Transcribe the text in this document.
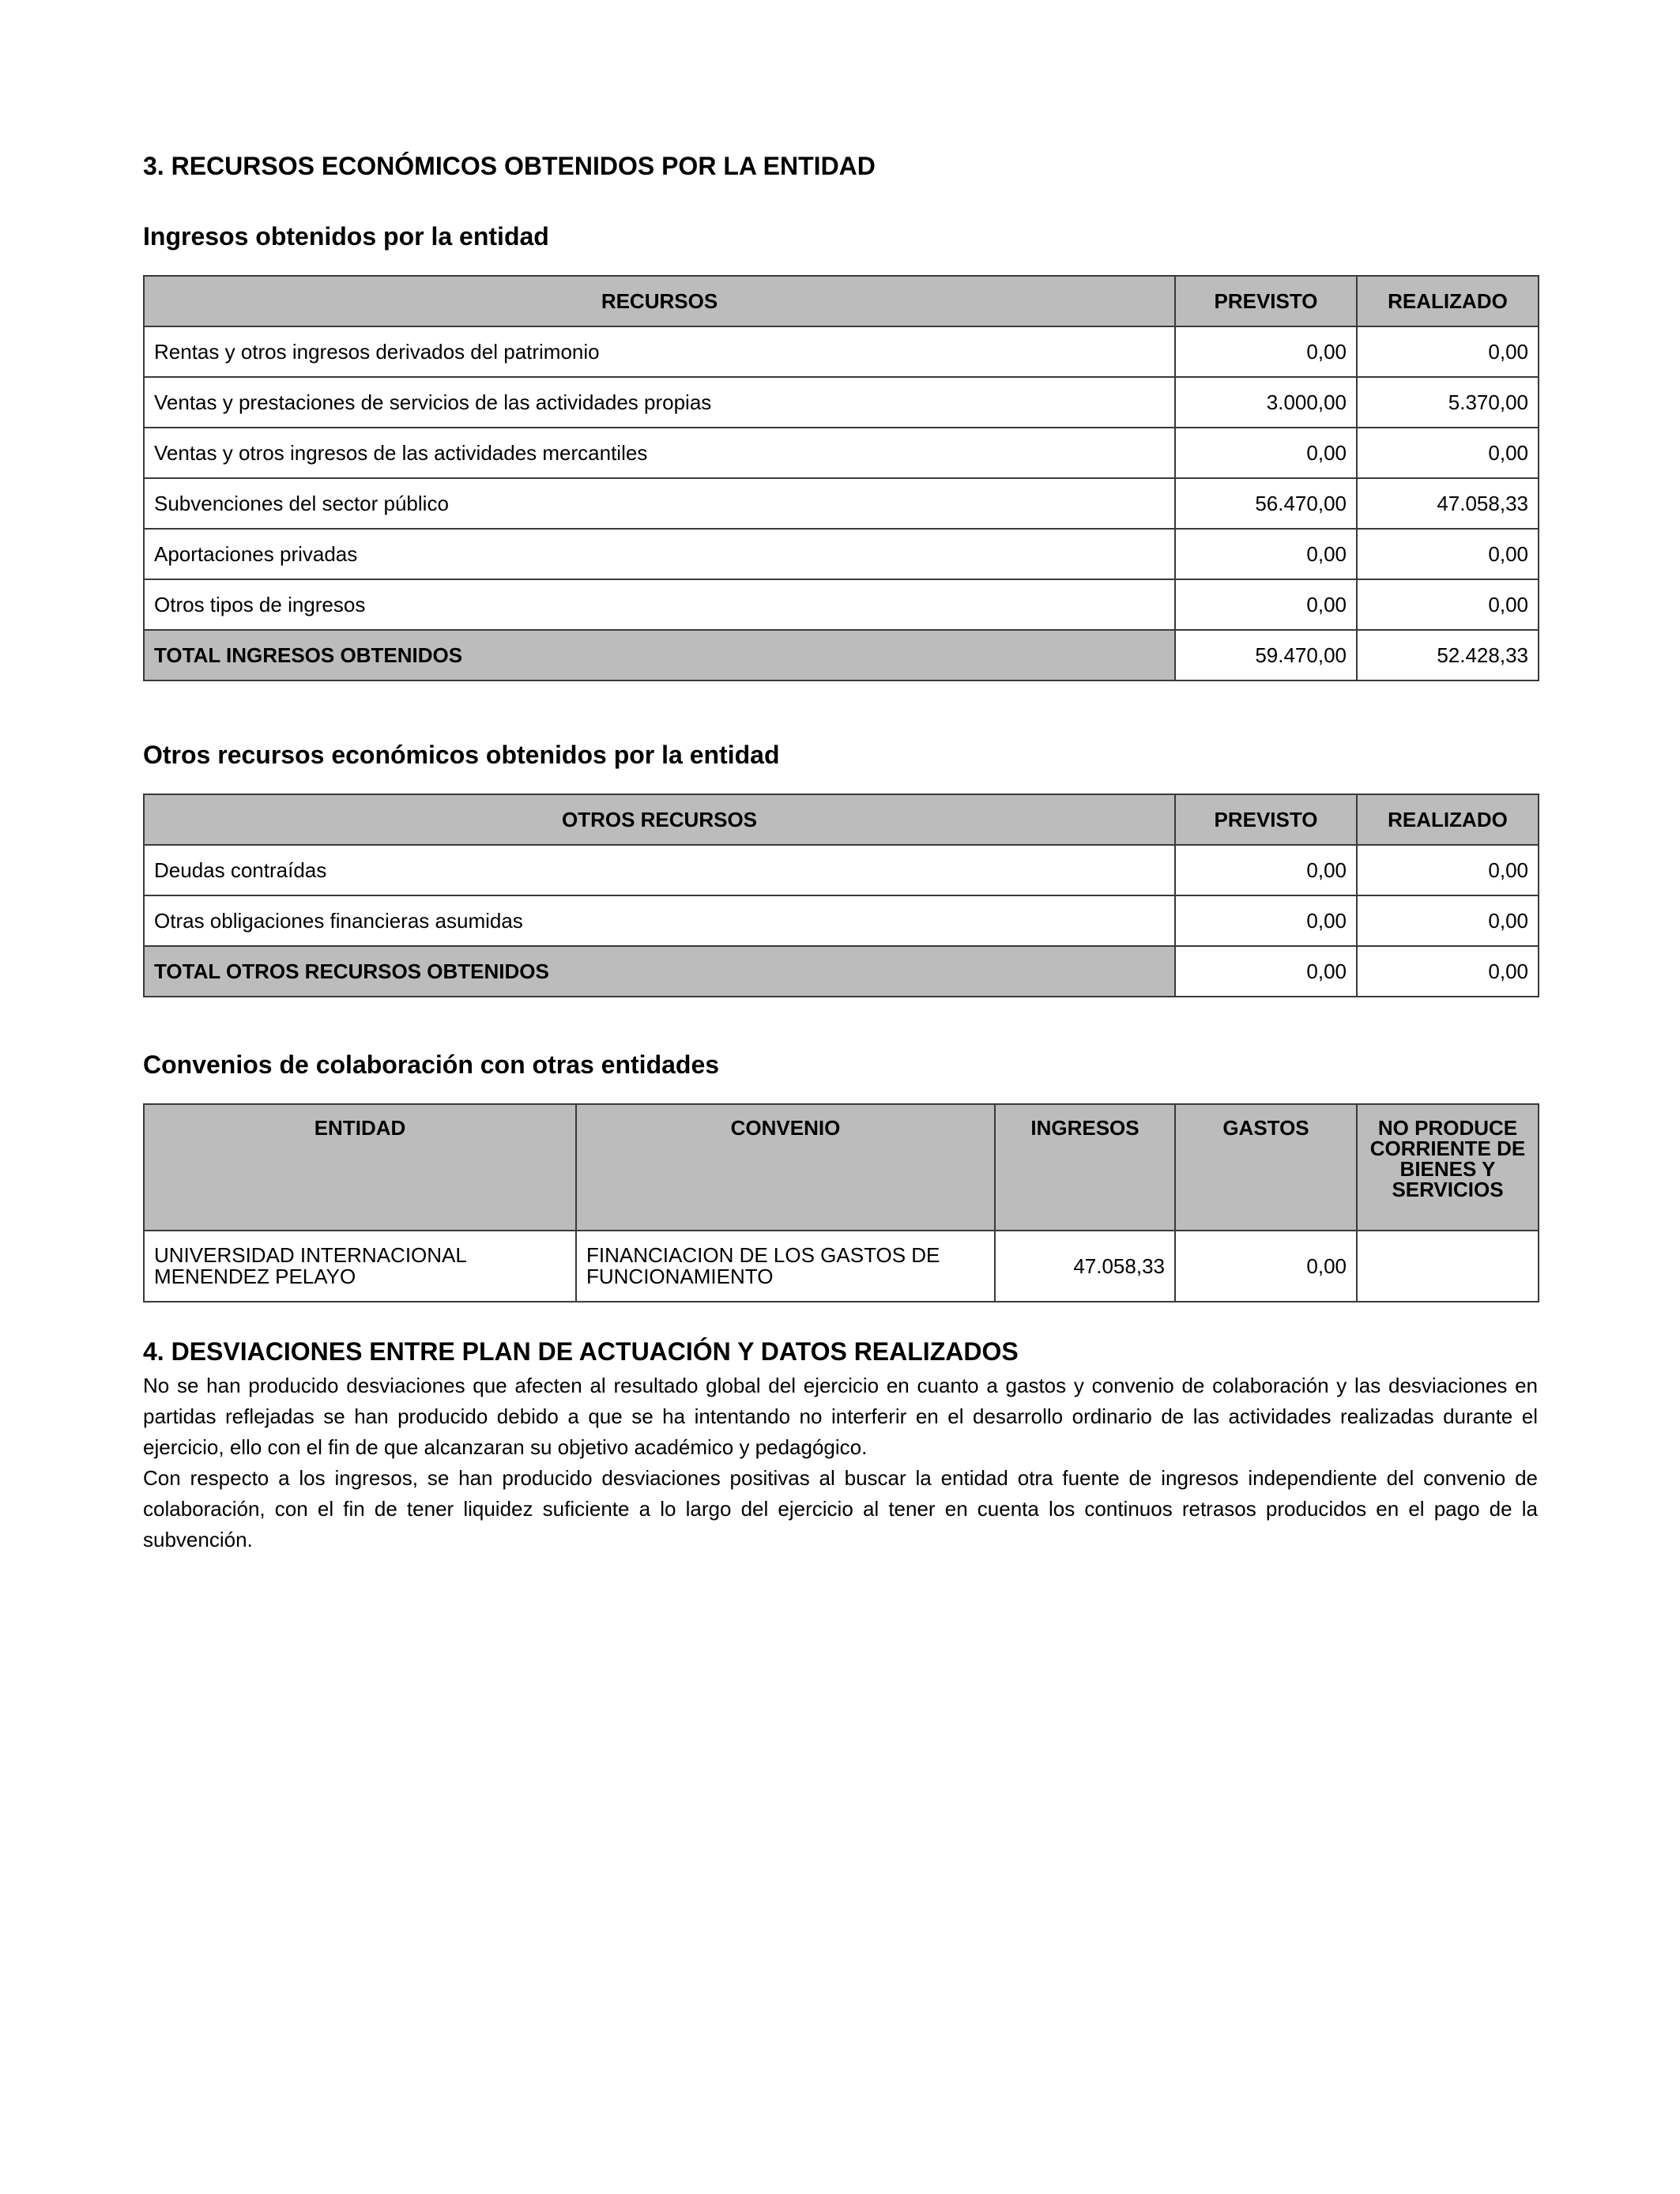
3. RECURSOS ECONÓMICOS OBTENIDOS POR LA ENTIDAD
Ingresos obtenidos por la entidad
RECURSOS	PREVISTO	REALIZADO
Rentas y otros ingresos derivados del patrimonio	0,00	0,00
Ventas y prestaciones de servicios de las actividades propias	3.000,00	5.370,00
Ventas y otros ingresos de las actividades mercantiles	0,00	0,00
Subvenciones del sector público	56.470,00	47.058,33
Aportaciones privadas	0,00	0,00
Otros tipos de ingresos	0,00	0,00
TOTAL INGRESOS OBTENIDOS	59.470,00	52.428,33
Otros recursos económicos obtenidos por la entidad
OTROS RECURSOS	PREVISTO	REALIZADO
Deudas contraídas	0,00	0,00
Otras obligaciones financieras asumidas	0,00	0,00
TOTAL OTROS RECURSOS OBTENIDOS	0,00	0,00
Convenios de colaboración con otras entidades
ENTIDAD	CONVENIO	INGRESOS	GASTOS	NO PRODUCE CORRIENTE DE BIENES Y SERVICIOS
UNIVERSIDAD INTERNACIONAL MENENDEZ PELAYO	FINANCIACION DE LOS GASTOS DE FUNCIONAMIENTO	47.058,33	0,00	
4. DESVIACIONES ENTRE PLAN DE ACTUACIÓN Y DATOS REALIZADOS

No se han producido desviaciones que afecten al resultado global del ejercicio en cuanto a gastos y convenio de colaboración y las desviaciones en partidas reflejadas se han producido debido a que se ha intentando no interferir en el desarrollo ordinario de las actividades realizadas durante el ejercicio, ello con el fin de que alcanzaran su objetivo académico y pedagógico.

Con respecto a los ingresos, se han producido desviaciones positivas al buscar la entidad otra fuente de ingresos independiente del convenio de colaboración, con el fin de tener liquidez suficiente a lo largo del ejercicio al tener en cuenta los continuos retrasos producidos en el pago de la subvención.
